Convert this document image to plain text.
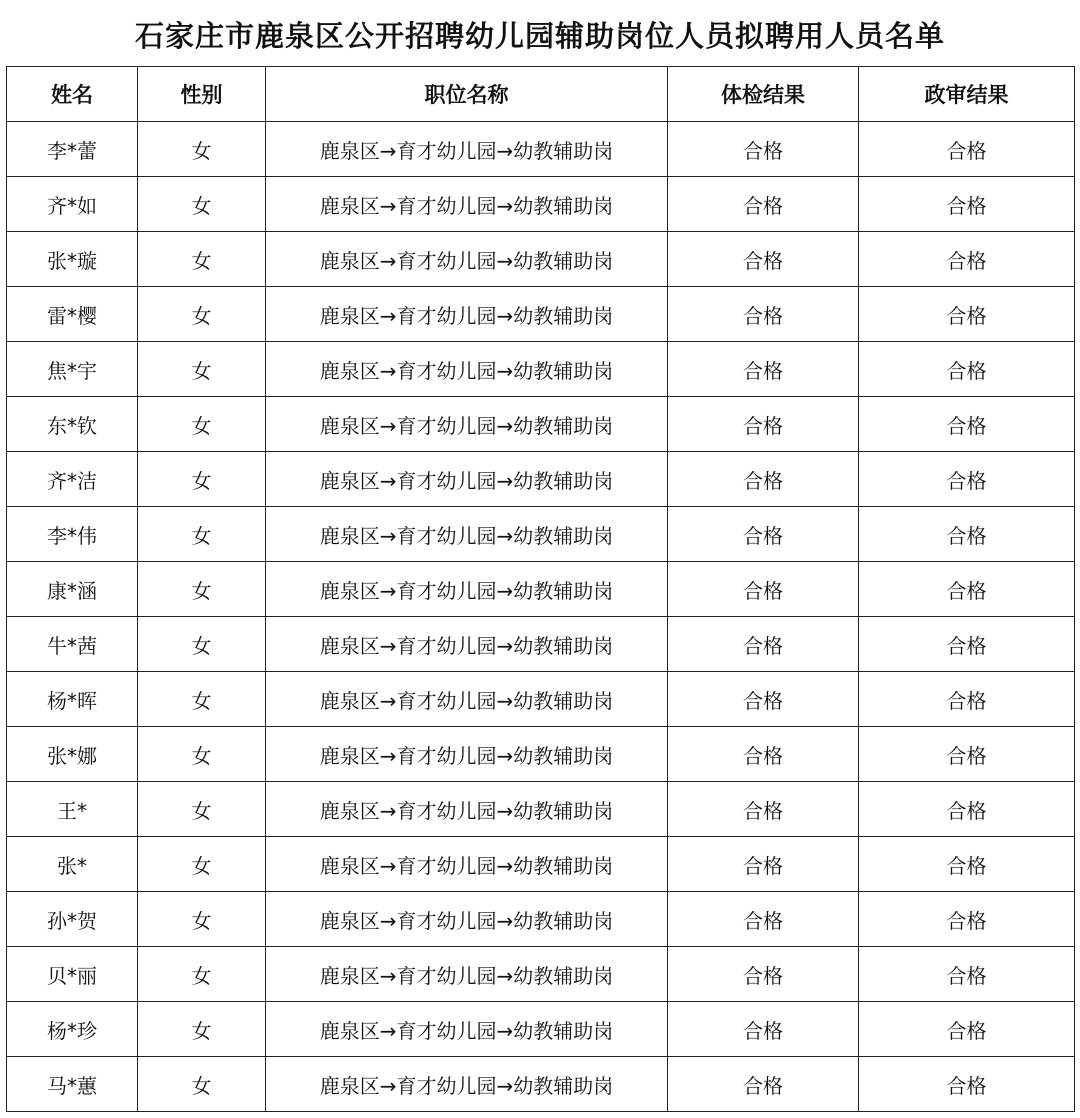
石家庄市鹿泉区公开招聘幼儿园辅助岗位人员拟聘用人员名单
姓名	性别	职位名称	体检结果	政审结果
李*蕾	女	鹿泉区→育才幼儿园→幼教辅助岗	合格	合格
齐*如	女	鹿泉区→育才幼儿园→幼教辅助岗	合格	合格
张*璇	女	鹿泉区→育才幼儿园→幼教辅助岗	合格	合格
雷*樱	女	鹿泉区→育才幼儿园→幼教辅助岗	合格	合格
焦*宇	女	鹿泉区→育才幼儿园→幼教辅助岗	合格	合格
东*钦	女	鹿泉区→育才幼儿园→幼教辅助岗	合格	合格
齐*洁	女	鹿泉区→育才幼儿园→幼教辅助岗	合格	合格
李*伟	女	鹿泉区→育才幼儿园→幼教辅助岗	合格	合格
康*涵	女	鹿泉区→育才幼儿园→幼教辅助岗	合格	合格
牛*茜	女	鹿泉区→育才幼儿园→幼教辅助岗	合格	合格
杨*晖	女	鹿泉区→育才幼儿园→幼教辅助岗	合格	合格
张*娜	女	鹿泉区→育才幼儿园→幼教辅助岗	合格	合格
王*	女	鹿泉区→育才幼儿园→幼教辅助岗	合格	合格
张*	女	鹿泉区→育才幼儿园→幼教辅助岗	合格	合格
孙*贺	女	鹿泉区→育才幼儿园→幼教辅助岗	合格	合格
贝*丽	女	鹿泉区→育才幼儿园→幼教辅助岗	合格	合格
杨*珍	女	鹿泉区→育才幼儿园→幼教辅助岗	合格	合格
马*蕙	女	鹿泉区→育才幼儿园→幼教辅助岗	合格	合格
